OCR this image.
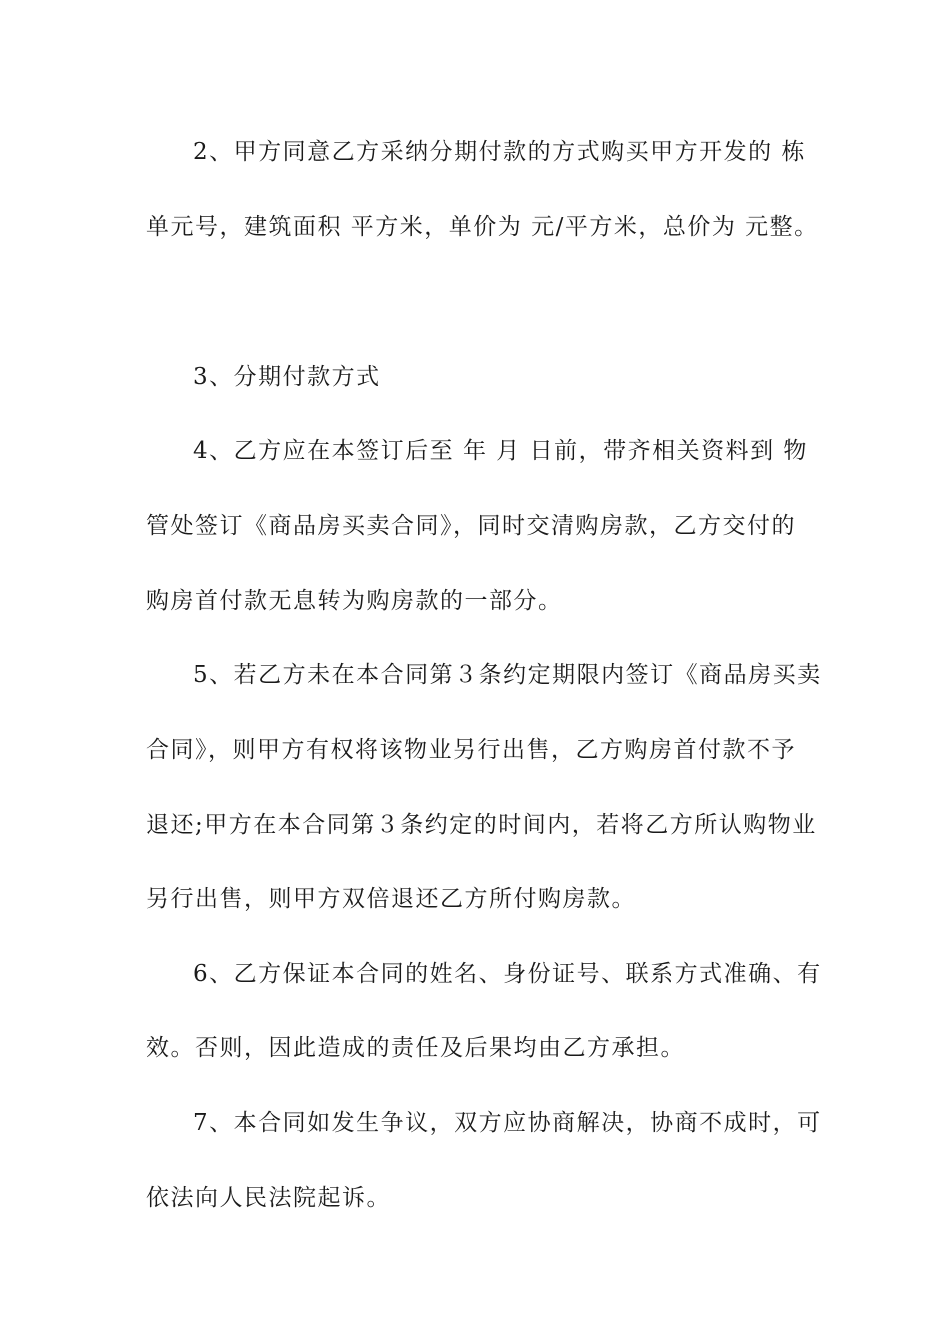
2、甲方同意乙方采纳分期付款的方式购买甲方开发的 栋
单元号，建筑面积 平方米，单价为 元/平方米，总价为 元整。
3、分期付款方式
4、乙方应在本签订后至 年 月 日前，带齐相关资料到 物
管处签订《商品房买卖合同》，同时交清购房款，乙方交付的
购房首付款无息转为购房款的一部分。
5、若乙方未在本合同第３条约定期限内签订《商品房买卖
合同》，则甲方有权将该物业另行出售，乙方购房首付款不予
退还;甲方在本合同第３条约定的时间内，若将乙方所认购物业
另行出售，则甲方双倍退还乙方所付购房款。
6、乙方保证本合同的姓名、身份证号、联系方式准确、有
效。否则，因此造成的责任及后果均由乙方承担。
7、本合同如发生争议，双方应协商解决，协商不成时，可
依法向人民法院起诉。
